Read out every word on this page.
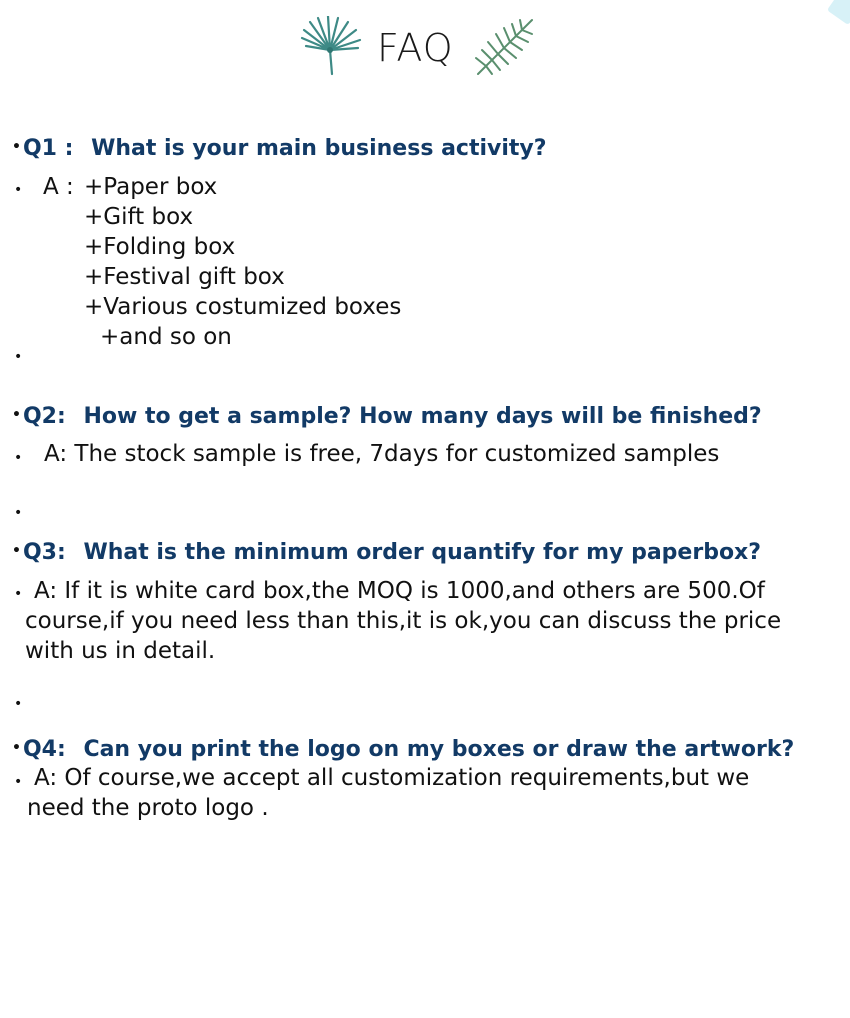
FAQ
•Q1 : What is your main business activity?
• A : +Paper box
+Gift box
+Folding box
+Festival gift box
+Various costumized boxes
+and so on
•
•Q2: How to get a sample? How many days will be finished?
• A: The stock sample is free, 7days for customized samples
•
•Q3: What is the minimum order quantify for my paperbox?
• A: If it is white card box,the MOQ is 1000,and others are 500.Of
course,if you need less than this,it is ok,you can discuss the price
with us in detail.
•
•Q4: Can you print the logo on my boxes or draw the artwork?
• A: Of course,we accept all customization requirements,but we
need the proto logo .
